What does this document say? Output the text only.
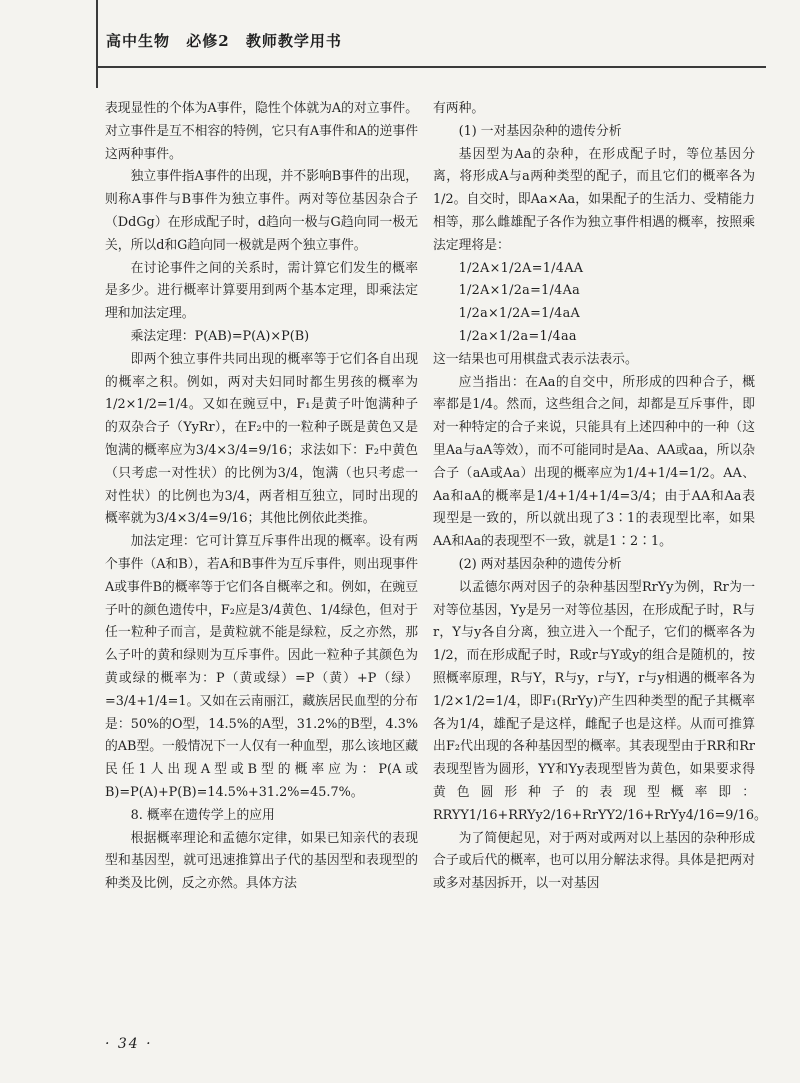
高中生物 必修2 教师教学用书

表现显性的个体为A事件，隐性个体就为A的对立事件。对立事件是互不相容的特例，它只有A事件和A的逆事件这两种事件。

独立事件指A事件的出现，并不影响B事件的出现，则称A事件与B事件为独立事件。两对等位基因杂合子（DdGg）在形成配子时，d趋向一极与G趋向同一极无关，所以d和G趋向同一极就是两个独立事件。

在讨论事件之间的关系时，需计算它们发生的概率是多少。进行概率计算要用到两个基本定理，即乘法定理和加法定理。

乘法定理：P(AB)=P(A)×P(B)

即两个独立事件共同出现的概率等于它们各自出现的概率之积。例如，两对夫妇同时都生男孩的概率为1/2×1/2=1/4。又如在豌豆中，F₁是黄子叶饱满种子的双杂合子（YyRr），在F₂中的一粒种子既是黄色又是饱满的概率应为3/4×3/4=9/16；求法如下：F₂中黄色（只考虑一对性状）的比例为3/4，饱满（也只考虑一对性状）的比例也为3/4，两者相互独立，同时出现的概率就为3/4×3/4=9/16；其他比例依此类推。

加法定理：它可计算互斥事件出现的概率。设有两个事件（A和B），若A和B事件为互斥事件，则出现事件A或事件B的概率等于它们各自概率之和。例如，在豌豆子叶的颜色遗传中，F₂应是3/4黄色、1/4绿色，但对于任一粒种子而言，是黄粒就不能是绿粒，反之亦然，那么子叶的黄和绿则为互斥事件。因此一粒种子其颜色为黄或绿的概率为：P（黄或绿）=P（黄）+P（绿）=3/4+1/4=1。又如在云南丽江，藏族居民血型的分布是：50%的O型，14.5%的A型，31.2%的B型，4.3%的AB型。一般情况下一人仅有一种血型，那么该地区藏民任1人出现A型或B型的概率应为：P(A或B)=P(A)+P(B)=14.5%+31.2%=45.7%。

8. 概率在遗传学上的应用

根据概率理论和孟德尔定律，如果已知亲代的表现型和基因型，就可迅速推算出子代的基因型和表现型的种类及比例，反之亦然。具体方法

有两种。

(1) 一对基因杂种的遗传分析

基因型为Aa的杂种，在形成配子时，等位基因分离，将形成A与a两种类型的配子，而且它们的概率各为1/2。自交时，即Aa×Aa，如果配子的生活力、受精能力相等，那么雌雄配子各作为独立事件相遇的概率，按照乘法定理将是：

1/2A×1/2A=1/4AA

1/2A×1/2a=1/4Aa

1/2a×1/2A=1/4aA

1/2a×1/2a=1/4aa

这一结果也可用棋盘式表示法表示。

应当指出：在Aa的自交中，所形成的四种合子，概率都是1/4。然而，这些组合之间，却都是互斥事件，即对一种特定的合子来说，只能具有上述四种中的一种（这里Aa与aA等效），而不可能同时是Aa、AA或aa，所以杂合子（aA或Aa）出现的概率应为1/4+1/4=1/2。AA、Aa和aA的概率是1/4+1/4+1/4=3/4；由于AA和Aa表现型是一致的，所以就出现了3∶1的表现型比率，如果AA和Aa的表现型不一致，就是1∶2∶1。

(2) 两对基因杂种的遗传分析

以孟德尔两对因子的杂种基因型RrYy为例，Rr为一对等位基因，Yy是另一对等位基因，在形成配子时，R与r，Y与y各自分离，独立进入一个配子，它们的概率各为1/2，而在形成配子时，R或r与Y或y的组合是随机的，按照概率原理，R与Y，R与y，r与Y，r与y相遇的概率各为1/2×1/2=1/4，即F₁(RrYy)产生四种类型的配子其概率各为1/4，雄配子是这样，雌配子也是这样。从而可推算出F₂代出现的各种基因型的概率。其表现型由于RR和Rr表现型皆为圆形，YY和Yy表现型皆为黄色，如果要求得黄色圆形种子的表现型概率即：RRYY1/16+RRYy2/16+RrYY2/16+RrYy4/16=9/16。

为了简便起见，对于两对或两对以上基因的杂种形成合子或后代的概率，也可以用分解法求得。具体是把两对或多对基因拆开，以一对基因

· 34 ·
